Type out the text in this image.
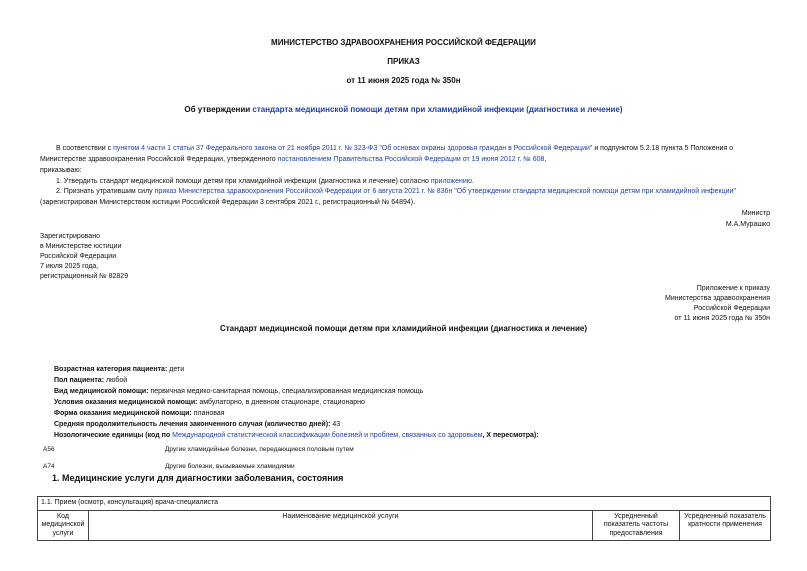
МИНИСТЕРСТВО ЗДРАВООХРАНЕНИЯ РОССИЙСКОЙ ФЕДЕРАЦИИ
ПРИКАЗ
от 11 июня 2025 года № 350н
Об утверждении стандарта медицинской помощи детям при хламидийной инфекции (диагностика и лечение)
В соответствии с пунктом 4 части 1 статьи 37 Федерального закона от 21 ноября 2011 г. № 323-ФЗ "Об основах охраны здоровья граждан в Российской Федерации" и подпунктом 5.2.18 пункта 5 Положения о Министерстве здравоохранения Российской Федерации, утвержденного постановлением Правительства Российской Федерации от 19 июня 2012 г. № 608,
приказываю:
1. Утвердить стандарт медицинской помощи детям при хламидийной инфекции (диагностика и лечение) согласно приложению.
2. Признать утратившим силу приказ Министерства здравоохранения Российской Федерации от 6 августа 2021 г. № 836н "Об утверждении стандарта медицинской помощи детям при хламидийной инфекции" (зарегистрирован Министерством юстиции Российской Федерации 3 сентября 2021 г., регистрационный № 64894).
Министр
М.А.Мурашко
Зарегистрировано
в Министерстве юстиции
Российской Федерации
7 июля 2025 года,
регистрационный № 82829
Приложение к приказу
Министерства здравоохранения
Российской Федерации
от 11 июня 2025 года № 350н
Стандарт медицинской помощи детям при хламидийной инфекции (диагностика и лечение)
Возрастная категория пациента: дети
Пол пациента: любой
Вид медицинской помощи: первичная медико-санитарная помощь, специализированная медицинская помощь
Условия оказания медицинской помощи: амбулаторно, в дневном стационаре, стационарно
Форма оказания медицинской помощи: плановая
Средняя продолжительность лечения законченного случая (количество дней): 43
Нозологические единицы (код по Международной статистической классификации болезней и проблем, связанных со здоровьем, X пересмотра):
A56	Другие хламидийные болезни, передающиеся половым путем
A74	Другие болезни, вызываемые хламидиями
1. Медицинские услуги для диагностики заболевания, состояния
1.1. Прием (осмотр, консультация) врача-специалиста
Код медицинской услуги	Наименование медицинской услуги	Усредненный показатель частоты предоставления	Усредненный показатель кратности применения
